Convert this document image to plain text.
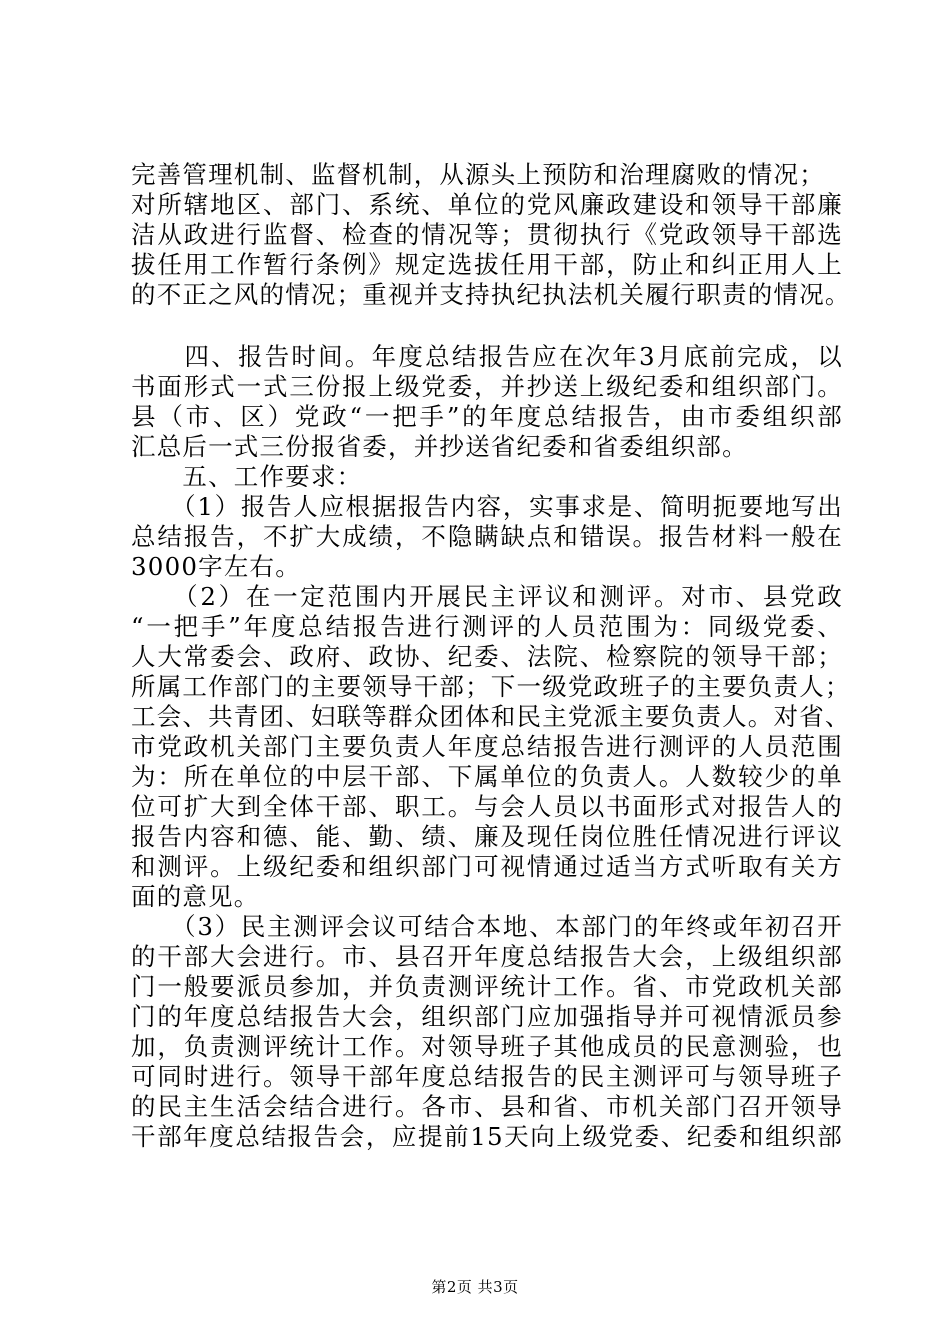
完善管理机制、监督机制，从源头上预防和治理腐败的情况；
对所辖地区、部门、系统、单位的党风廉政建设和领导干部廉
洁从政进行监督、检查的情况等；贯彻执行《党政领导干部选
拔任用工作暂行条例》规定选拔任用干部，防止和纠正用人上
的不正之风的情况；重视并支持执纪执法机关履行职责的情况。
　　四、报告时间。年度总结报告应在次年3月底前完成，以
书面形式一式三份报上级党委，并抄送上级纪委和组织部门。
县（市、区）党政“一把手”的年度总结报告，由市委组织部
汇总后一式三份报省委，并抄送省纪委和省委组织部。
　　五、工作要求：
　　（1）报告人应根据报告内容，实事求是、简明扼要地写出
总结报告，不扩大成绩，不隐瞒缺点和错误。报告材料一般在
3000字左右。
　　（2）在一定范围内开展民主评议和测评。对市、县党政
“一把手”年度总结报告进行测评的人员范围为：同级党委、
人大常委会、政府、政协、纪委、法院、检察院的领导干部；
所属工作部门的主要领导干部；下一级党政班子的主要负责人；
工会、共青团、妇联等群众团体和民主党派主要负责人。对省、
市党政机关部门主要负责人年度总结报告进行测评的人员范围
为：所在单位的中层干部、下属单位的负责人。人数较少的单
位可扩大到全体干部、职工。与会人员以书面形式对报告人的
报告内容和德、能、勤、绩、廉及现任岗位胜任情况进行评议
和测评。上级纪委和组织部门可视情通过适当方式听取有关方
面的意见。
　　（3）民主测评会议可结合本地、本部门的年终或年初召开
的干部大会进行。市、县召开年度总结报告大会，上级组织部
门一般要派员参加，并负责测评统计工作。省、市党政机关部
门的年度总结报告大会，组织部门应加强指导并可视情派员参
加，负责测评统计工作。对领导班子其他成员的民意测验，也
可同时进行。领导干部年度总结报告的民主测评可与领导班子
的民主生活会结合进行。各市、县和省、市机关部门召开领导
干部年度总结报告会，应提前15天向上级党委、纪委和组织部
第2页 共3页
